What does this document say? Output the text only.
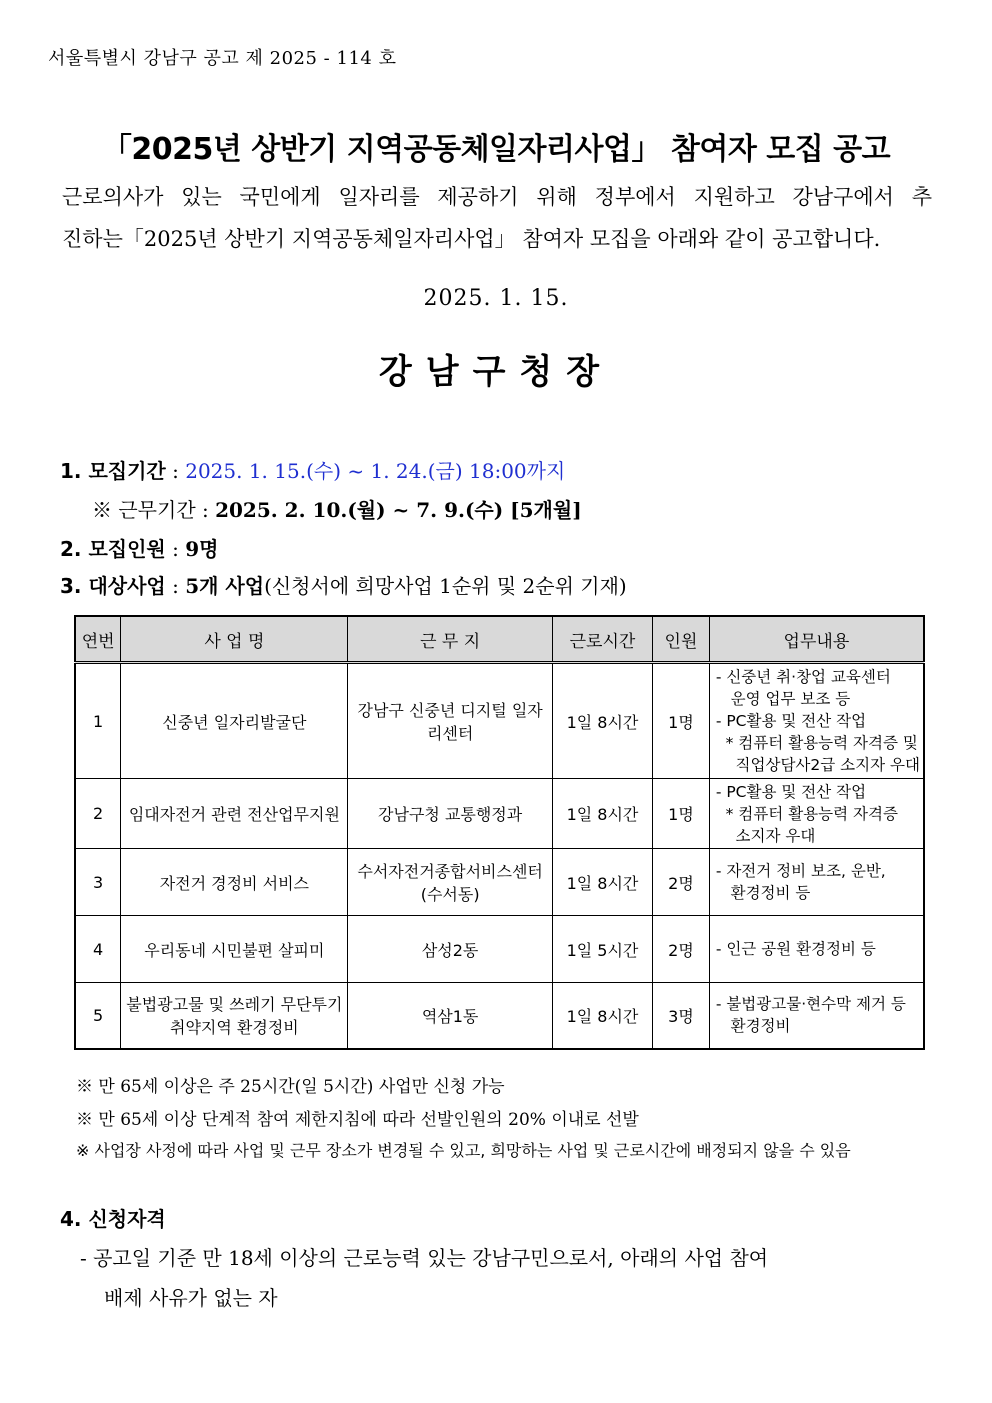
서울특별시 강남구 공고 제 2025 - 114 호
「2025년 상반기 지역공동체일자리사업」 참여자 모집 공고
근로의사가 있는 국민에게 일자리를 제공하기 위해 정부에서 지원하고 강남구에서 추
진하는「2025년 상반기 지역공동체일자리사업」 참여자 모집을 아래와 같이 공고합니다.
2025. 1. 15.
강남구청장
1. 모집기간 : 2025. 1. 15.(수) ~ 1. 24.(금) 18:00까지
※ 근무기간 : 2025. 2. 10.(월) ~ 7. 9.(수) [5개월]
2. 모집인원 : 9명
3. 대상사업 : 5개 사업(신청서에 희망사업 1순위 및 2순위 기재)
연번	사 업 명	근 무 지	근로시간	인원	업무내용
1	신중년 일자리발굴단	강남구 신중년 디지털 일자리센터	1일 8시간	1명	- 신중년 취·창업 교육센터
운영 업무 보조 등
- PC활용 및 전산 작업
* 컴퓨터 활용능력 자격증 및
직업상담사2급 소지자 우대

2	임대자전거 관련 전산업무지원	강남구청 교통행정과	1일 8시간	1명	- PC활용 및 전산 작업
* 컴퓨터 활용능력 자격증
소지자 우대

3	자전거 경정비 서비스	수서자전거종합서비스센터 (수서동)	1일 8시간	2명	- 자전거 정비 보조, 운반,
환경정비 등

4	우리동네 시민불편 살피미	삼성2동	1일 5시간	2명	- 인근 공원 환경정비 등

5	불법광고물 및 쓰레기 무단투기 취약지역 환경정비	역삼1동	1일 8시간	3명	- 불법광고물·현수막 제거 등
환경정비
※ 만 65세 이상은 주 25시간(일 5시간) 사업만 신청 가능
※ 만 65세 이상 단계적 참여 제한지침에 따라 선발인원의 20% 이내로 선발
※ 사업장 사정에 따라 사업 및 근무 장소가 변경될 수 있고, 희망하는 사업 및 근로시간에 배정되지 않을 수 있음
4. 신청자격
- 공고일 기준 만 18세 이상의 근로능력 있는 강남구민으로서, 아래의 사업 참여
배제 사유가 없는 자
